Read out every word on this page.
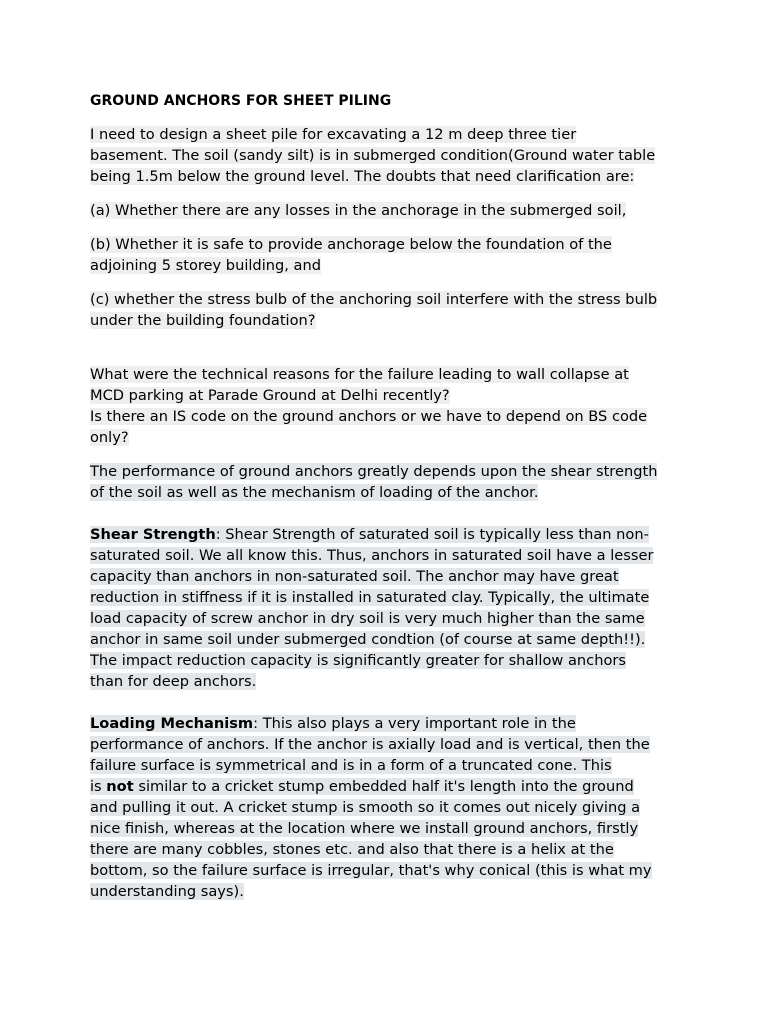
GROUND ANCHORS FOR SHEET PILING
I need to design a sheet pile for excavating a 12 m deep three tier
basement. The soil (sandy silt) is in submerged condition(Ground water table
being 1.5m below the ground level. The doubts that need clarification are:
(a) Whether there are any losses in the anchorage in the submerged soil,
(b) Whether it is safe to provide anchorage below the foundation of the
adjoining 5 storey building, and
(c) whether the stress bulb of the anchoring soil interfere with the stress bulb
under the building foundation?
What were the technical reasons for the failure leading to wall collapse at
MCD parking at Parade Ground at Delhi recently?
Is there an IS code on the ground anchors or we have to depend on BS code
only?
The performance of ground anchors greatly depends upon the shear strength
of the soil as well as the mechanism of loading of the anchor.
Shear Strength: Shear Strength of saturated soil is typically less than non-
saturated soil. We all know this. Thus, anchors in saturated soil have a lesser
capacity than anchors in non-saturated soil. The anchor may have great
reduction in stiffness if it is installed in saturated clay. Typically, the ultimate
load capacity of screw anchor in dry soil is very much higher than the same
anchor in same soil under submerged condtion (of course at same depth!!).
The impact reduction capacity is significantly greater for shallow anchors
than for deep anchors.
Loading Mechanism: This also plays a very important role in the
performance of anchors. If the anchor is axially load and is vertical, then the
failure surface is symmetrical and is in a form of a truncated cone. This
is not similar to a cricket stump embedded half it's length into the ground
and pulling it out. A cricket stump is smooth so it comes out nicely giving a
nice finish, whereas at the location where we install ground anchors, firstly
there are many cobbles, stones etc. and also that there is a helix at the
bottom, so the failure surface is irregular, that's why conical (this is what my
understanding says).
